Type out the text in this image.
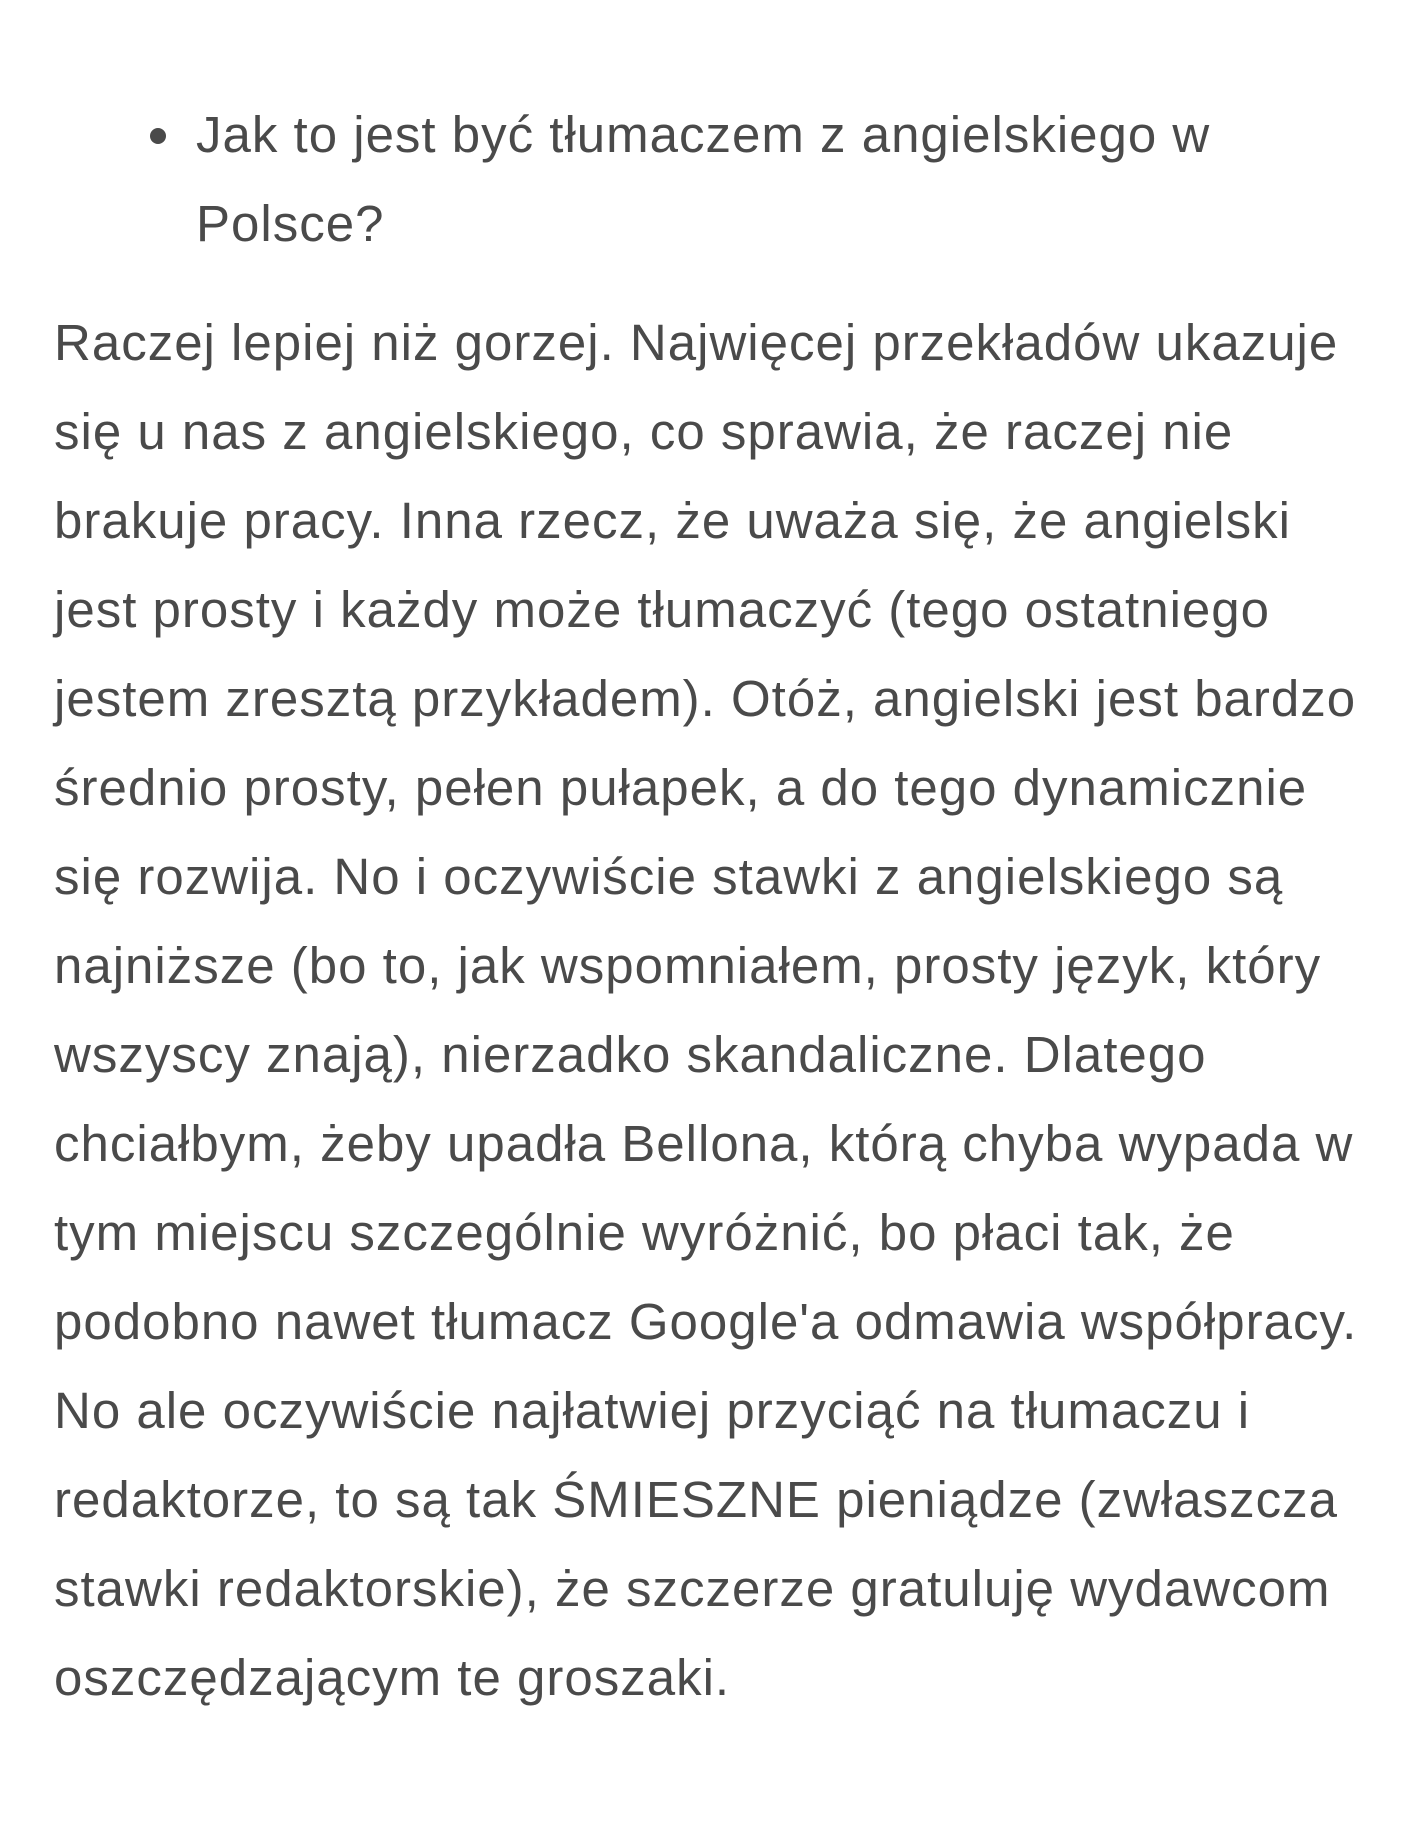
Jak to jest być tłumaczem z angielskiego w Polsce?

Raczej lepiej niż gorzej. Najwięcej przekładów ukazuje się u nas z angielskiego, co sprawia, że raczej nie brakuje pracy. Inna rzecz, że uważa się, że angielski jest prosty i każdy może tłumaczyć (tego ostatniego jestem zresztą przykładem). Otóż, angielski jest bardzo średnio prosty, pełen pułapek, a do tego dynamicznie się rozwija. No i oczywiście stawki z angielskiego są najniższe (bo to, jak wspomniałem, prosty język, który wszyscy znają), nierzadko skandaliczne. Dlatego chciałbym, żeby upadła Bellona, którą chyba wypada w tym miejscu szczególnie wyróżnić, bo płaci tak, że podobno nawet tłumacz Google'a odmawia współpracy. No ale oczywiście najłatwiej przyciąć na tłumaczu i redaktorze, to są tak ŚMIESZNE pieniądze (zwłaszcza stawki redaktorskie), że szczerze gratuluję wydawcom oszczędzającym te groszaki.
